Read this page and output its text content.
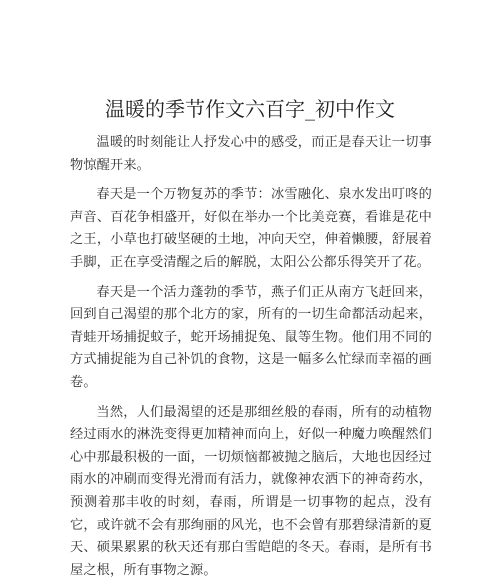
温暖的季节作文六百字_初中作文

温暖的时刻能让人抒发心中的感受，而正是春天让一切事物惊醒开来。

春天是一个万物复苏的季节：冰雪融化、泉水发出叮咚的声音、百花争相盛开，好似在举办一个比美竞赛，看谁是花中之王，小草也打破坚硬的土地，冲向天空，伸着懒腰，舒展着手脚，正在享受清醒之后的解脱，太阳公公都乐得笑开了花。

春天是一个活力蓬勃的季节，燕子们正从南方飞赶回来，回到自己渴望的那个北方的家，所有的一切生命都活动起来，青蛙开场捕捉蚊子，蛇开场捕捉兔、鼠等生物。他们用不同的方式捕捉能为自己补饥的食物，这是一幅多么忙绿而幸福的画卷。

当然，人们最渴望的还是那细丝般的春雨，所有的动植物经过雨水的淋洗变得更加精神而向上，好似一种魔力唤醒然们心中那最积极的一面，一切烦恼都被抛之脑后，大地也因经过雨水的冲刷而变得光滑而有活力，就像神农洒下的神奇药水，预测着那丰收的时刻，春雨，所谓是一切事物的起点，没有它，或许就不会有那绚丽的风光，也不会曾有那碧绿清新的夏天、硕果累累的秋天还有那白雪皑皑的冬天。春雨，是所有书屋之根，所有事物之源。
